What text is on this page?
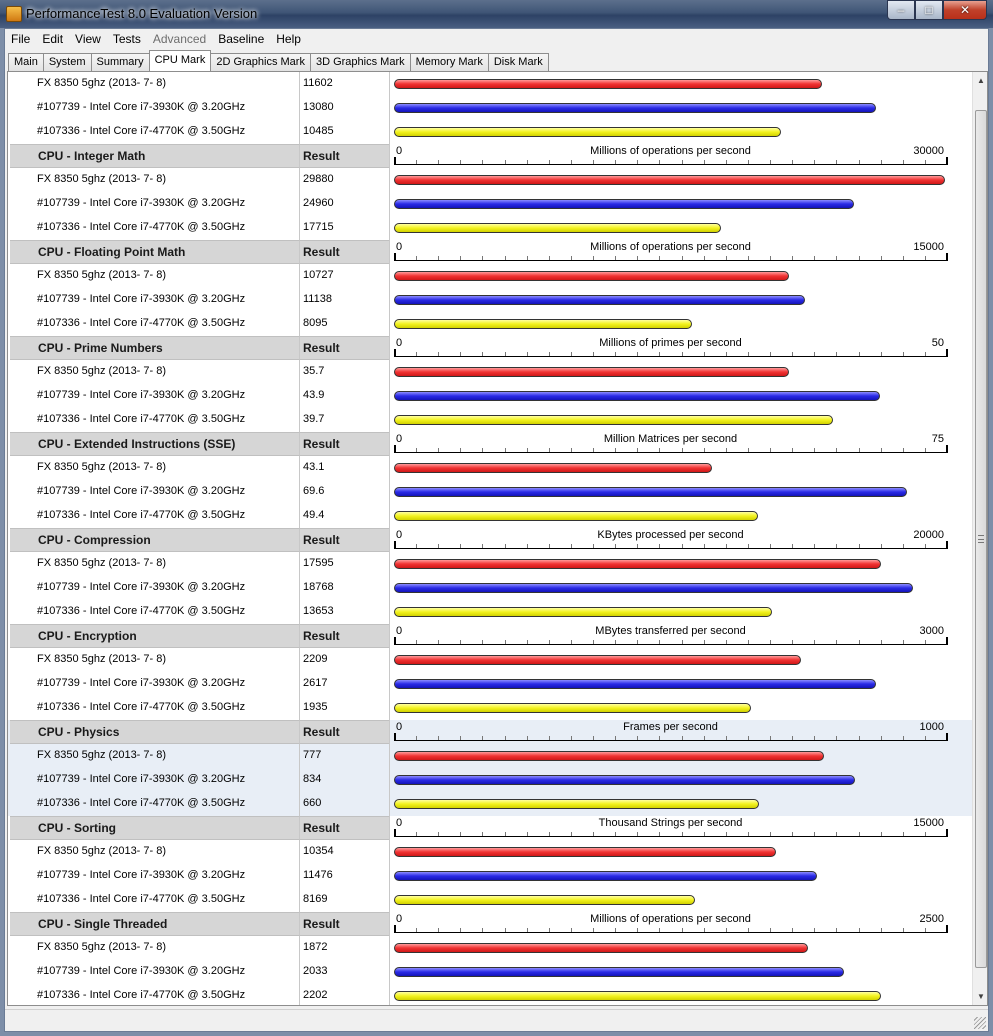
PerformanceTest 8.0 Evaluation Version	‒	□	✕
File	Edit	View	Tests	Advanced	Baseline	Help
Main	System	Summary	CPU Mark	2D Graphics Mark	3D Graphics Mark	Memory Mark	Disk Mark
FX 8350 5ghz (2013- 7- 8)	11602
#107739 - Intel Core i7-3930K @ 3.20GHz	13080
#107336 - Intel Core i7-4770K @ 3.50GHz	10485
CPU - Integer Math	Result	0	Millions of operations per second	30000
FX 8350 5ghz (2013- 7- 8)	29880
#107739 - Intel Core i7-3930K @ 3.20GHz	24960
#107336 - Intel Core i7-4770K @ 3.50GHz	17715
CPU - Floating Point Math	Result	0	Millions of operations per second	15000
FX 8350 5ghz (2013- 7- 8)	10727
#107739 - Intel Core i7-3930K @ 3.20GHz	11138
#107336 - Intel Core i7-4770K @ 3.50GHz	8095
CPU - Prime Numbers	Result	0	Millions of primes per second	50
FX 8350 5ghz (2013- 7- 8)	35.7
#107739 - Intel Core i7-3930K @ 3.20GHz	43.9
#107336 - Intel Core i7-4770K @ 3.50GHz	39.7
CPU - Extended Instructions (SSE)	Result	0	Million Matrices per second	75
FX 8350 5ghz (2013- 7- 8)	43.1
#107739 - Intel Core i7-3930K @ 3.20GHz	69.6
#107336 - Intel Core i7-4770K @ 3.50GHz	49.4
CPU - Compression	Result	0	KBytes processed per second	20000
FX 8350 5ghz (2013- 7- 8)	17595
#107739 - Intel Core i7-3930K @ 3.20GHz	18768
#107336 - Intel Core i7-4770K @ 3.50GHz	13653
CPU - Encryption	Result	0	MBytes transferred per second	3000
FX 8350 5ghz (2013- 7- 8)	2209
#107739 - Intel Core i7-3930K @ 3.20GHz	2617
#107336 - Intel Core i7-4770K @ 3.50GHz	1935
CPU - Physics	Result	0	Frames per second	1000
FX 8350 5ghz (2013- 7- 8)	777
#107739 - Intel Core i7-3930K @ 3.20GHz	834
#107336 - Intel Core i7-4770K @ 3.50GHz	660
CPU - Sorting	Result	0	Thousand Strings per second	15000
FX 8350 5ghz (2013- 7- 8)	10354
#107739 - Intel Core i7-3930K @ 3.20GHz	11476
#107336 - Intel Core i7-4770K @ 3.50GHz	8169
CPU - Single Threaded	Result	0	Millions of operations per second	2500
FX 8350 5ghz (2013- 7- 8)	1872
#107739 - Intel Core i7-3930K @ 3.20GHz	2033
#107336 - Intel Core i7-4770K @ 3.50GHz	2202
▲
▼
